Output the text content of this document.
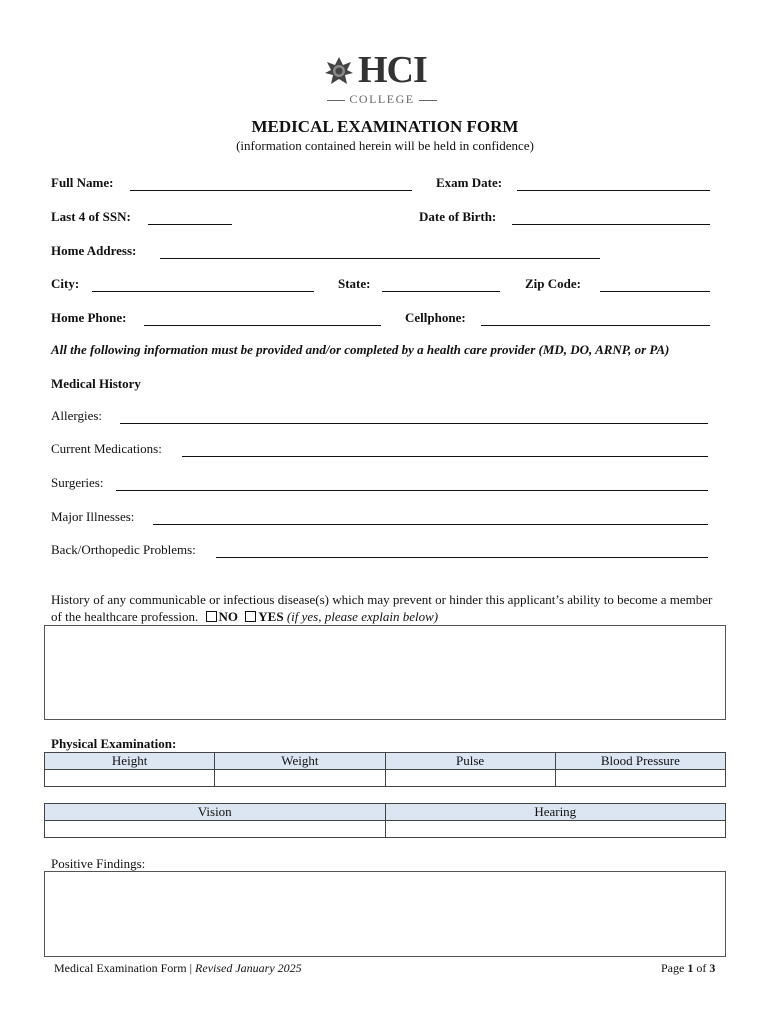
HCI
COLLEGE
MEDICAL EXAMINATION FORM
(information contained herein will be held in confidence)
Full Name:	Exam Date:
Last 4 of SSN:	Date of Birth:
Home Address:
City:	State:	Zip Code:
Home Phone:	Cellphone:
All the following information must be provided and/or completed by a health care provider (MD, DO, ARNP, or PA)
Medical History
Allergies:
Current Medications:
Surgeries:
Major Illnesses:
Back/Orthopedic Problems:
History of any communicable or infectious disease(s) which may prevent or hinder this applicant’s ability to become a member of the healthcare profession. NO YES (if yes, please explain below)
Physical Examination:
Height	Weight	Pulse	Blood Pressure

Vision	Hearing

Positive Findings:
Medical Examination Form | Revised January 2025	Page 1 of 3
